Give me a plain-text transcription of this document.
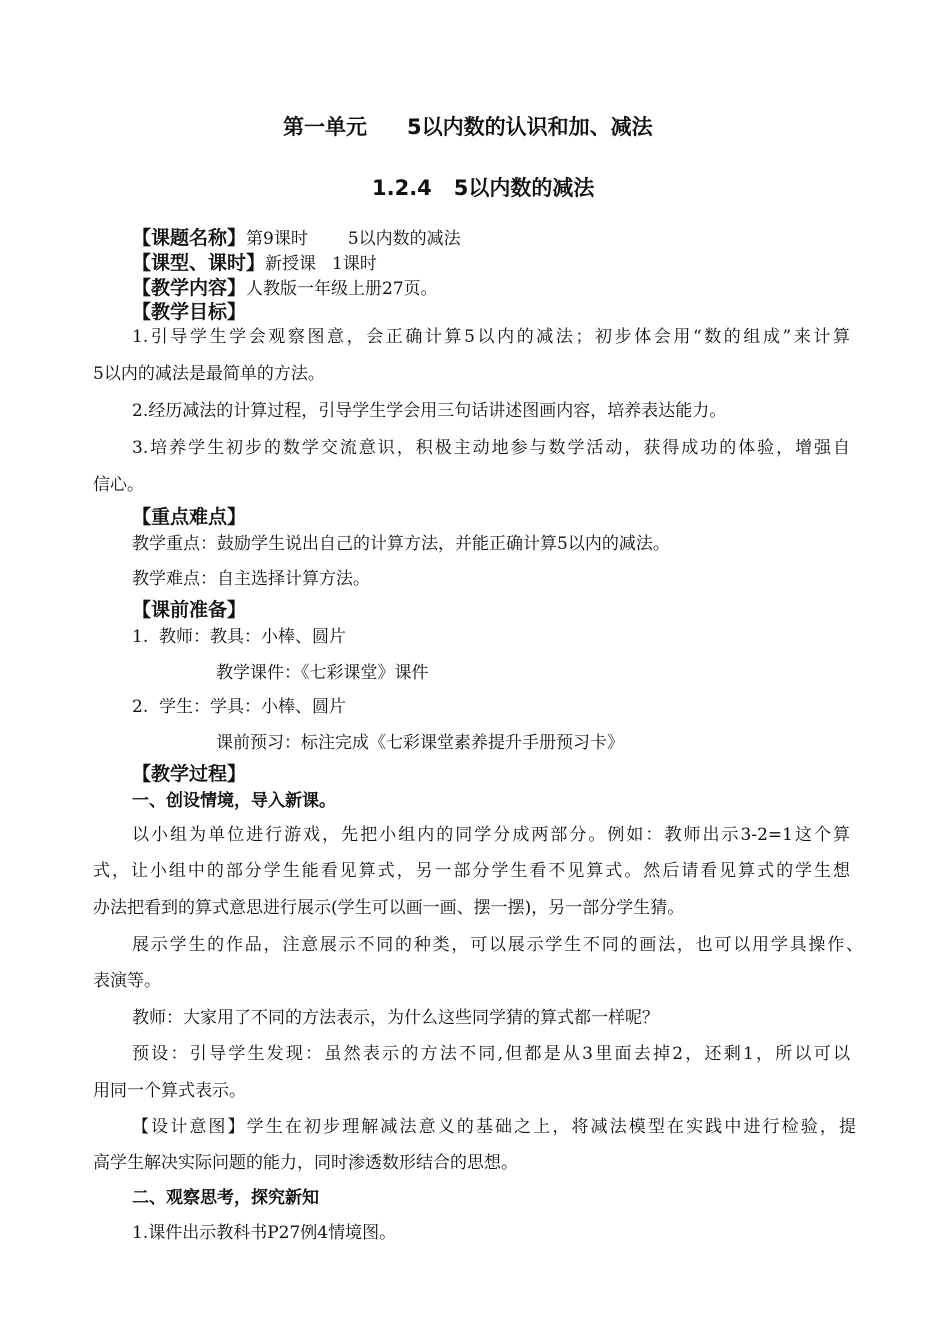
第一单元 5以内数的认识和加、减法
1.2.4 5以内数的减法
【课题名称】第9课时 5以内数的减法
【课型、课时】新授课 1课时
【教学内容】人教版一年级上册27页。
【教学目标】
1.引导学生学会观察图意，会正确计算5以内的减法；初步体会用“数的组成”来计算
5以内的减法是最简单的方法。
2.经历减法的计算过程，引导学生学会用三句话讲述图画内容，培养表达能力。
3.培养学生初步的数学交流意识，积极主动地参与数学活动，获得成功的体验，增强自
信心。
【重点难点】
教学重点：鼓励学生说出自己的计算方法，并能正确计算5以内的减法。
教学难点：自主选择计算方法。
【课前准备】
1.  教师：教具：小棒、圆片
教学课件：《七彩课堂》课件
2.  学生：学具：小棒、圆片
课前预习：标注完成《七彩课堂素养提升手册预习卡》
【教学过程】
一、创设情境，导入新课。
以小组为单位进行游戏，先把小组内的同学分成两部分。例如：教师出示3-2=1这个算
式，让小组中的部分学生能看见算式，另一部分学生看不见算式。然后请看见算式的学生想
办法把看到的算式意思进行展示(学生可以画一画、摆一摆)，另一部分学生猜。
展示学生的作品，注意展示不同的种类，可以展示学生不同的画法，也可以用学具操作、
表演等。
教师：大家用了不同的方法表示，为什么这些同学猜的算式都一样呢？
预设：引导学生发现：虽然表示的方法不同,但都是从3里面去掉2，还剩1，所以可以
用同一个算式表示。
【设计意图】学生在初步理解减法意义的基础之上，将减法模型在实践中进行检验，提
高学生解决实际问题的能力，同时渗透数形结合的思想。
二、观察思考，探究新知
1.课件出示教科书P27例4情境图。
